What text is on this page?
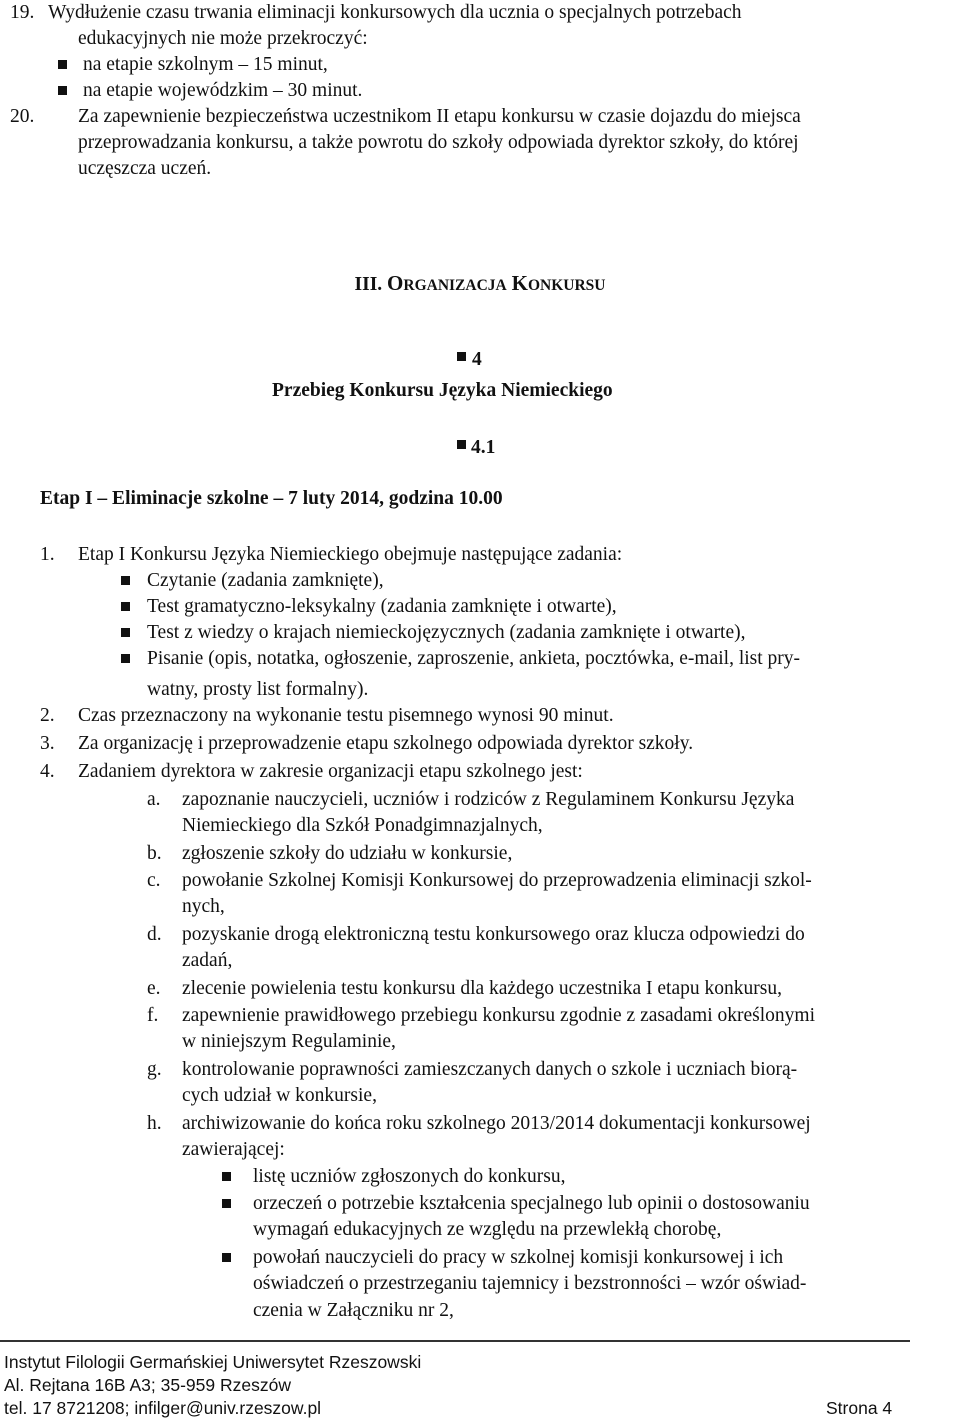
19. Wydłużenie czasu trwania eliminacji konkursowych dla ucznia o specjalnych potrzebach
edukacyjnych nie może przekroczyć:
na etapie szkolnym – 15 minut,
na etapie wojewódzkim – 30 minut.
20. Za zapewnienie bezpieczeństwa uczestnikom II etapu konkursu w czasie dojazdu do miejsca
przeprowadzania konkursu, a także powrotu do szkoły odpowiada dyrektor szkoły, do której
uczęszcza uczeń.
III. ORGANIZACJA KONKURSU
4
Przebieg Konkursu Języka Niemieckiego
4.1
Etap I – Eliminacje szkolne – 7 luty 2014, godzina 10.00
1. Etap I Konkursu Języka Niemieckiego obejmuje następujące zadania:
Czytanie (zadania zamknięte),
Test gramatyczno-leksykalny (zadania zamknięte i otwarte),
Test z wiedzy o krajach niemieckojęzycznych (zadania zamknięte i otwarte),
Pisanie (opis, notatka, ogłoszenie, zaproszenie, ankieta, pocztówka, e-mail, list pry-
watny, prosty list formalny).
2. Czas przeznaczony na wykonanie testu pisemnego wynosi 90 minut.
3. Za organizację i przeprowadzenie etapu szkolnego odpowiada dyrektor szkoły.
4. Zadaniem dyrektora w zakresie organizacji etapu szkolnego jest:
a. zapoznanie nauczycieli, uczniów i rodziców z Regulaminem Konkursu Języka
Niemieckiego dla Szkół Ponadgimnazjalnych,
b. zgłoszenie szkoły do udziału w konkursie,
c. powołanie Szkolnej Komisji Konkursowej do przeprowadzenia eliminacji szkol-
nych,
d. pozyskanie drogą elektroniczną testu konkursowego oraz klucza odpowiedzi do
zadań,
e. zlecenie powielenia testu konkursu dla każdego uczestnika I etapu konkursu,
f. zapewnienie prawidłowego przebiegu konkursu zgodnie z zasadami określonymi
w niniejszym Regulaminie,
g. kontrolowanie poprawności zamieszczanych danych o szkole i uczniach biorą-
cych udział w konkursie,
h. archiwizowanie do końca roku szkolnego 2013/2014 dokumentacji konkursowej
zawierającej:
listę uczniów zgłoszonych do konkursu,
orzeczeń o potrzebie kształcenia specjalnego lub opinii o dostosowaniu
wymagań edukacyjnych ze względu na przewlekłą chorobę,
powołań nauczycieli do pracy w szkolnej komisji konkursowej i ich
oświadczeń o przestrzeganiu tajemnicy i bezstronności – wzór oświad-
czenia w Załączniku nr 2,
Instytut Filologii Germańskiej Uniwersytet Rzeszowski
Al. Rejtana 16B A3; 35-959 Rzeszów
tel. 17 8721208; infilger@univ.rzeszow.pl	Strona 4
